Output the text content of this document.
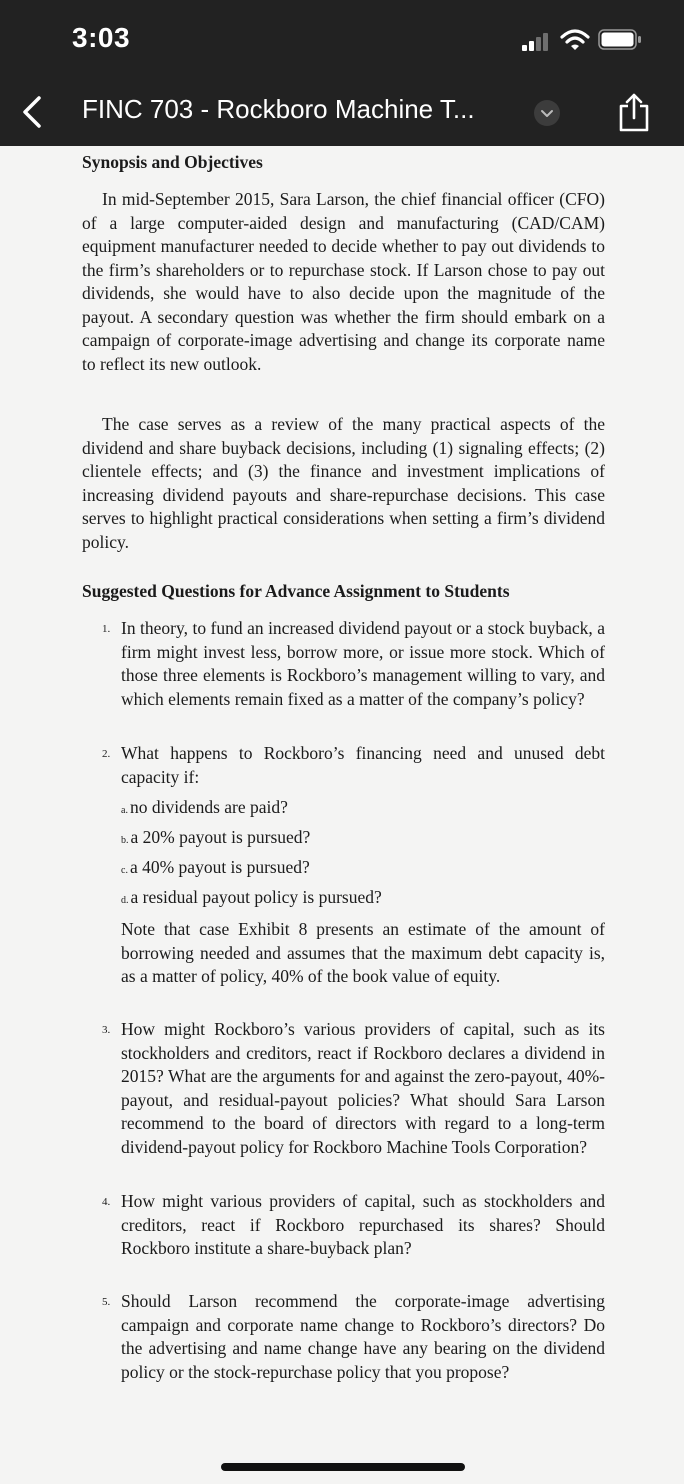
3:03
FINC 703 - Rockboro Machine T...
Synopsis and Objectives

In mid-September 2015, Sara Larson, the chief financial officer (CFO) of a large computer-aided design and manufacturing (CAD/CAM) equipment manufacturer needed to decide whether to pay out dividends to the firm’s shareholders or to repurchase stock. If Larson chose to pay out dividends, she would have to also decide upon the magnitude of the payout. A secondary question was whether the firm should embark on a campaign of corporate-image advertising and change its corporate name to reflect its new outlook.

The case serves as a review of the many practical aspects of the dividend and share buyback decisions, including (1) signaling effects; (2) clientele effects; and (3) the finance and investment implications of increasing dividend payouts and share-repurchase decisions. This case serves to highlight practical considerations when setting a firm’s dividend policy.

Suggested Questions for Advance Assignment to Students
1. In theory, to fund an increased dividend payout or a stock buyback, a firm might invest less, borrow more, or issue more stock. Which of those three elements is Rockboro’s management willing to vary, and which elements remain fixed as a matter of the company’s policy?
2. What happens to Rockboro’s financing need and unused debt capacity if:

a. no dividends are paid?

b. a 20% payout is pursued?

c. a 40% payout is pursued?

d. a residual payout policy is pursued?

Note that case Exhibit 8 presents an estimate of the amount of borrowing needed and assumes that the maximum debt capacity is, as a matter of policy, 40% of the book value of equity.

3. How might Rockboro’s various providers of capital, such as its stockholders and creditors, react if Rockboro declares a dividend in 2015? What are the arguments for and against the zero-payout, 40%-payout, and residual-payout policies? What should Sara Larson recommend to the board of directors with regard to a long-term dividend-payout policy for Rockboro Machine Tools Corporation?
4. How might various providers of capital, such as stockholders and creditors, react if Rockboro repurchased its shares? Should Rockboro institute a share-buyback plan?
5. Should Larson recommend the corporate-image advertising campaign and corporate name change to Rockboro’s directors? Do the advertising and name change have any bearing on the dividend policy or the stock-repurchase policy that you propose?
